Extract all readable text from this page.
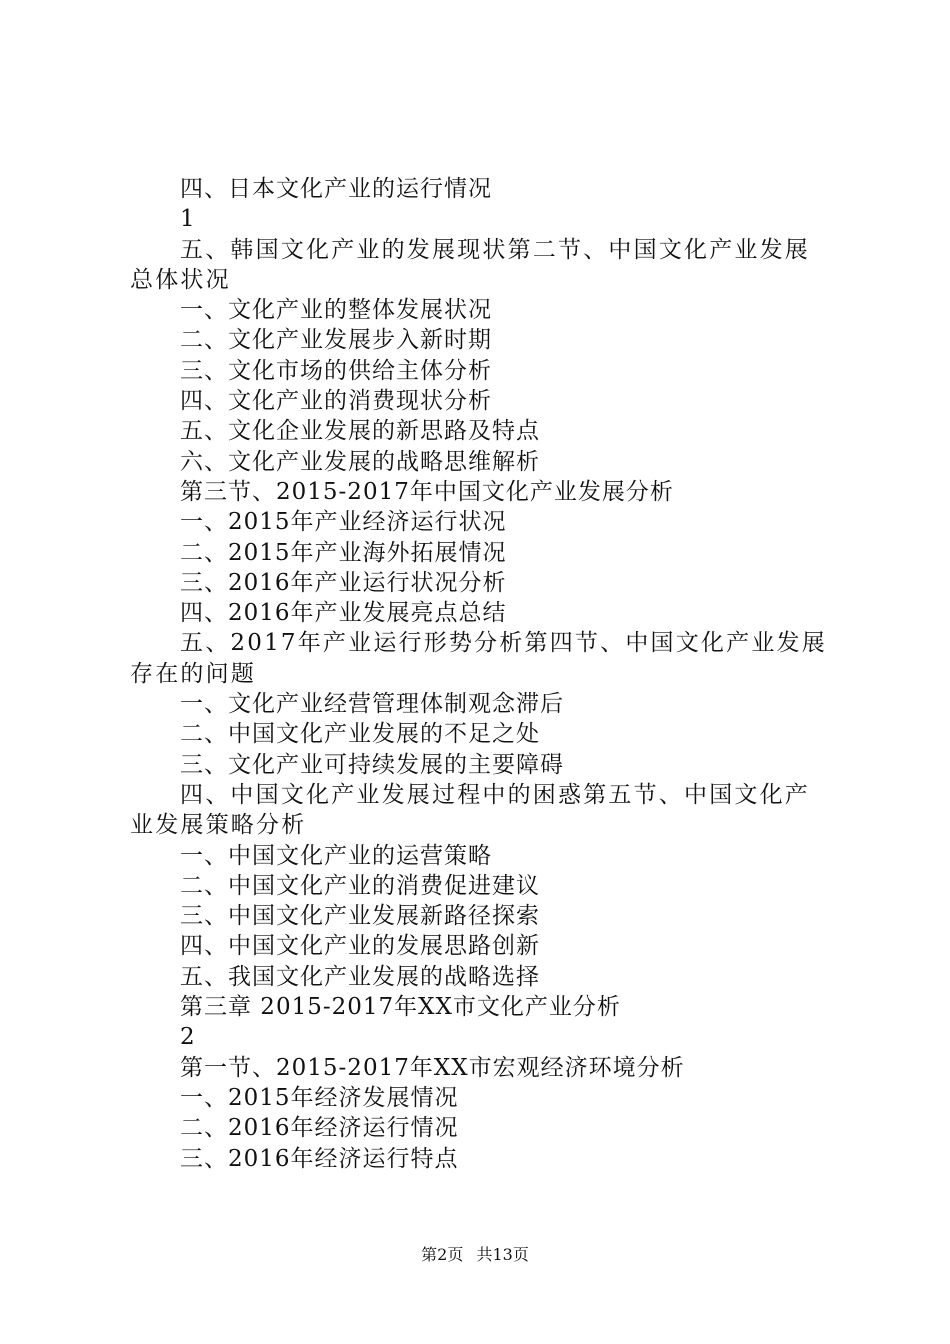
四、日本文化产业的运行情况
1
五、韩国文化产业的发展现状第二节、中国文化产业发展总体状况
一、文化产业的整体发展状况
二、文化产业发展步入新时期
三、文化市场的供给主体分析
四、文化产业的消费现状分析
五、文化企业发展的新思路及特点
六、文化产业发展的战略思维解析
第三节、2015-2017年中国文化产业发展分析
一、2015年产业经济运行状况
二、2015年产业海外拓展情况
三、2016年产业运行状况分析
四、2016年产业发展亮点总结
五、2017年产业运行形势分析第四节、中国文化产业发展存在的问题
一、文化产业经营管理体制观念滞后
二、中国文化产业发展的不足之处
三、文化产业可持续发展的主要障碍
四、中国文化产业发展过程中的困惑第五节、中国文化产业发展策略分析
一、中国文化产业的运营策略
二、中国文化产业的消费促进建议
三、中国文化产业发展新路径探索
四、中国文化产业的发展思路创新
五、我国文化产业发展的战略选择
第三章 2015-2017年XX市文化产业分析
2
第一节、2015-2017年XX市宏观经济环境分析
一、2015年经济发展情况
二、2016年经济运行情况
三、2016年经济运行特点
第2页 共13页
